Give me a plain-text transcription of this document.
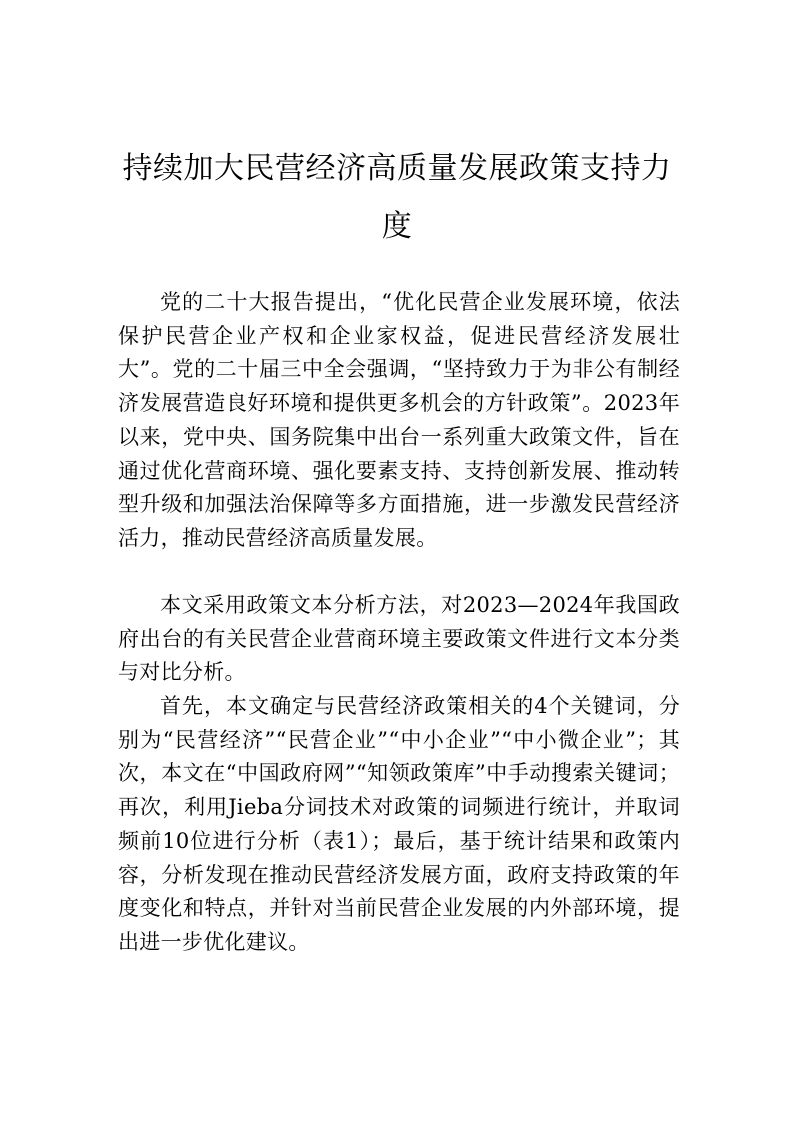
持续加大民营经济高质量发展政策支持力度

党的二十大报告提出，“优化民营企业发展环境，依法保护民营企业产权和企业家权益，促进民营经济发展壮大”。党的二十届三中全会强调，“坚持致力于为非公有制经济发展营造良好环境和提供更多机会的方针政策”。2023年以来，党中央、国务院集中出台一系列重大政策文件，旨在通过优化营商环境、强化要素支持、支持创新发展、推动转型升级和加强法治保障等多方面措施，进一步激发民营经济活力，推动民营经济高质量发展。

本文采用政策文本分析方法，对2023—2024年我国政府出台的有关民营企业营商环境主要政策文件进行文本分类与对比分析。

首先，本文确定与民营经济政策相关的4个关键词，分别为“民营经济”“民营企业”“中小企业”“中小微企业”；其次，本文在“中国政府网”“知领政策库”中手动搜索关键词；再次，利用Jieba分词技术对政策的词频进行统计，并取词频前10位进行分析（表1）；最后，基于统计结果和政策内容，分析发现在推动民营经济发展方面，政府支持政策的年度变化和特点，并针对当前民营企业发展的内外部环境，提出进一步优化建议。
